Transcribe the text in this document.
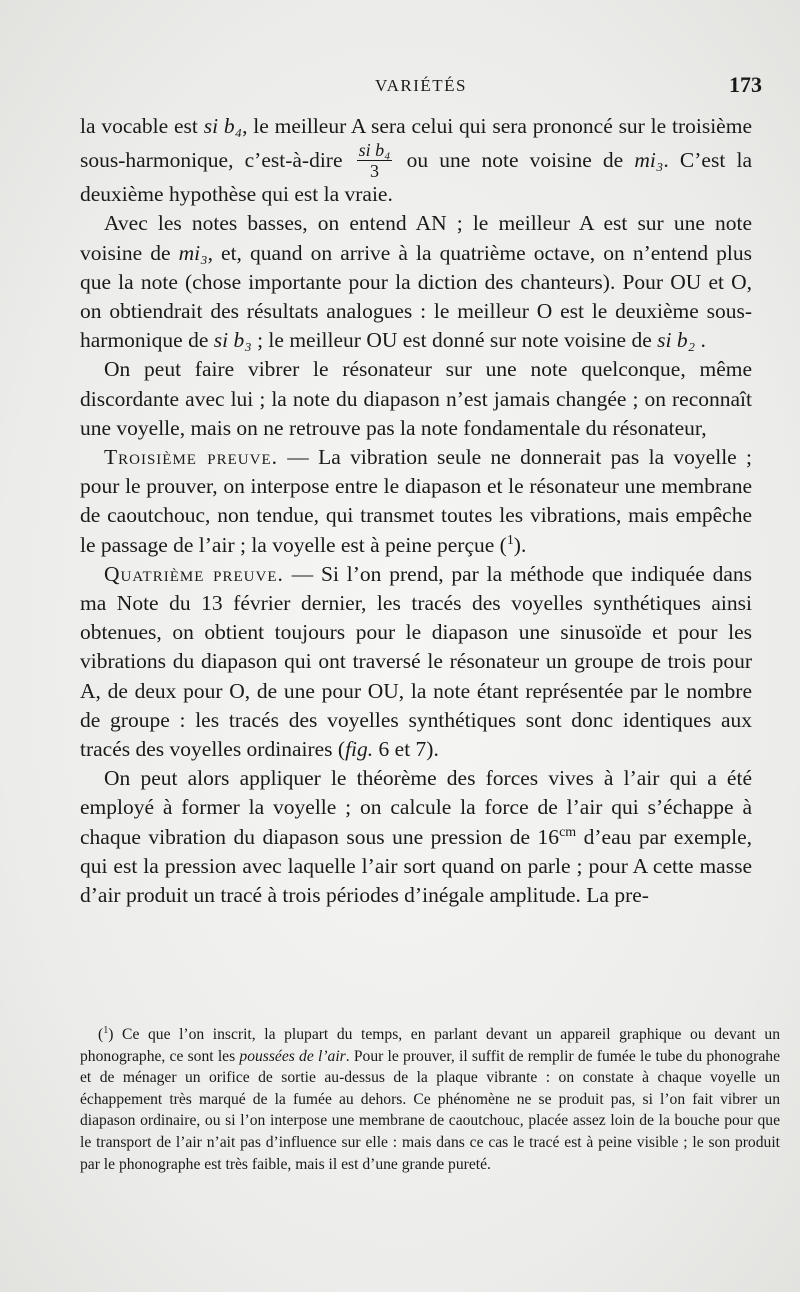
VARIÉTÉS	173

la vocable est si b₄, le meilleur A sera celui qui sera prononcé sur le troisième sous-harmonique, c’est-à-dire $\frac{\text{si b₄}}{3}$ ou une note voisine de mi₃. C’est la deuxième hypothèse qui est la vraie.

Avec les notes basses, on entend AN ; le meilleur A est sur une note voisine de mi₃, et, quand on arrive à la quatrième octave, on n’entend plus que la note (chose importante pour la diction des chanteurs). Pour OU et O, on obtiendrait des résultats analogues : le meilleur O est le deuxième sous-harmonique de si b₃ ; le meilleur OU est donné sur note voisine de si b₂ .

On peut faire vibrer le résonateur sur une note quelconque, même discordante avec lui ; la note du diapason n’est jamais changée ; on reconnaît une voyelle, mais on ne retrouve pas la note fondamentale du résonateur,

Troisième preuve. — La vibration seule ne donnerait pas la voyelle ; pour le prouver, on interpose entre le diapason et le résonateur une membrane de caoutchouc, non tendue, qui transmet toutes les vibrations, mais empêche le passage de l’air ; la voyelle est à peine perçue ($^1$).

Quatrième preuve. — Si l’on prend, par la méthode que indiquée dans ma Note du 13 février dernier, les tracés des voyelles synthétiques ainsi obtenues, on obtient toujours pour le diapason une sinusoïde et pour les vibrations du diapason qui ont traversé le résonateur un groupe de trois pour A, de deux pour O, de une pour OU, la note étant représentée par le nombre de groupe : les tracés des voyelles synthétiques sont donc identiques aux tracés des voyelles ordinaires (fig. 6 et 7).

On peut alors appliquer le théorème des forces vives à l’air qui a été employé à former la voyelle ; on calcule la force de l’air qui s’échappe à chaque vibration du diapason sous une pression de $16^{cm}$ d’eau par exemple, qui est la pression avec laquelle l’air sort quand on parle ; pour A cette masse d’air produit un tracé à trois périodes d’inégale amplitude. La pre-

($^1$) Ce que l’on inscrit, la plupart du temps, en parlant devant un appareil graphique ou devant un phonographe, ce sont les poussées de l’air. Pour le prouver, il suffit de remplir de fumée le tube du phonograhe et de ménager un orifice de sortie au-dessus de la plaque vibrante : on constate à chaque voyelle un échappement très marqué de la fumée au dehors. Ce phénomène ne se produit pas, si l’on fait vibrer un diapason ordinaire, ou si l’on interpose une membrane de caoutchouc, placée assez loin de la bouche pour que le transport de l’air n’ait pas d’influence sur elle : mais dans ce cas le tracé est à peine visible ; le son produit par le phonographe est très faible, mais il est d’une grande pureté.
